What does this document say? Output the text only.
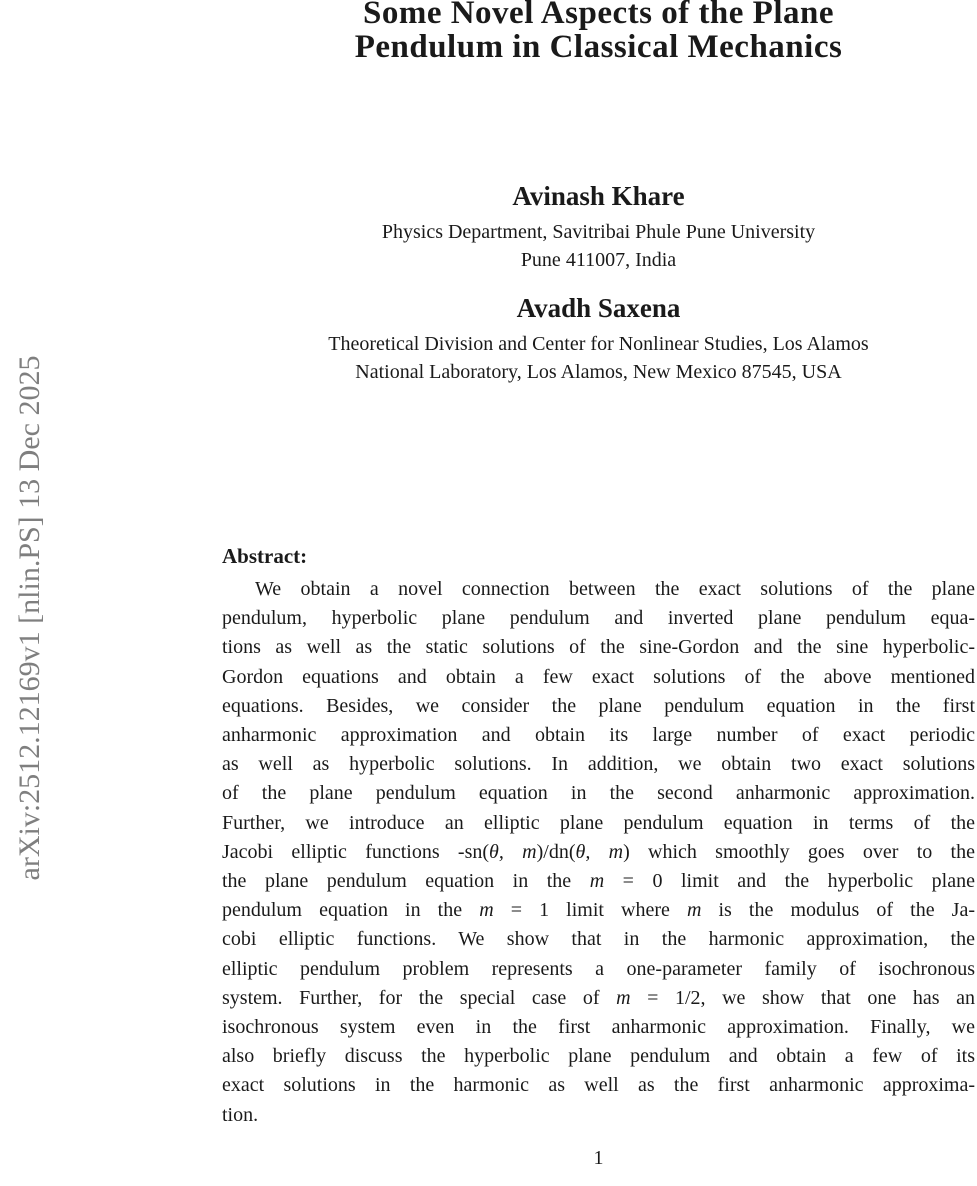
arXiv:2512.12169v1 [nlin.PS] 13 Dec 2025
Some Novel Aspects of the Plane
Pendulum in Classical Mechanics
Avinash Khare
Physics Department, Savitribai Phule Pune University
Pune 411007, India
Avadh Saxena
Theoretical Division and Center for Nonlinear Studies, Los Alamos
National Laboratory, Los Alamos, New Mexico 87545, USA
Abstract:
We obtain a novel connection between the exact solutions of the plane
pendulum, hyperbolic plane pendulum and inverted plane pendulum equa-
tions as well as the static solutions of the sine-Gordon and the sine hyperbolic-
Gordon equations and obtain a few exact solutions of the above mentioned
equations. Besides, we consider the plane pendulum equation in the first
anharmonic approximation and obtain its large number of exact periodic
as well as hyperbolic solutions. In addition, we obtain two exact solutions
of the plane pendulum equation in the second anharmonic approximation.
Further, we introduce an elliptic plane pendulum equation in terms of the
Jacobi elliptic functions -sn(θ, m)/dn(θ, m) which smoothly goes over to the
the plane pendulum equation in the m = 0 limit and the hyperbolic plane
pendulum equation in the m = 1 limit where m is the modulus of the Ja-
cobi elliptic functions. We show that in the harmonic approximation, the
elliptic pendulum problem represents a one-parameter family of isochronous
system. Further, for the special case of m = 1/2, we show that one has an
isochronous system even in the first anharmonic approximation. Finally, we
also briefly discuss the hyperbolic plane pendulum and obtain a few of its
exact solutions in the harmonic as well as the first anharmonic approxima-
tion.
1
